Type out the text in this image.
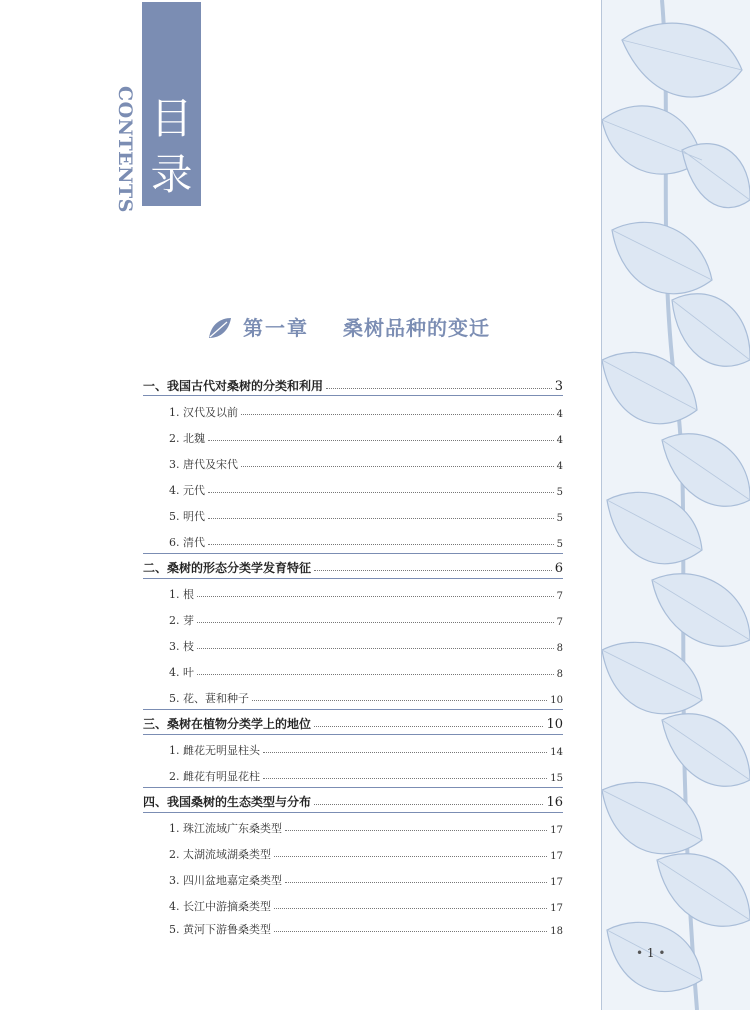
目
录
CONTENTS
第一章 桑树品种的变迁
一、我国古代对桑树的分类和利用	3
1. 汉代及以前	4
2. 北魏	4
3. 唐代及宋代	4
4. 元代	5
5. 明代	5
6. 清代	5
二、桑树的形态分类学发育特征	6
1. 根	7
2. 芽	7
3. 枝	8
4. 叶	8
5. 花、葚和种子	10
三、桑树在植物分类学上的地位	10
1. 雌花无明显柱头	14
2. 雌花有明显花柱	15
四、我国桑树的生态类型与分布	16
1. 珠江流域广东桑类型	17
2. 太湖流域湖桑类型	17
3. 四川盆地嘉定桑类型	17
4. 长江中游摘桑类型	17
5. 黄河下游鲁桑类型	18
• 1 •
